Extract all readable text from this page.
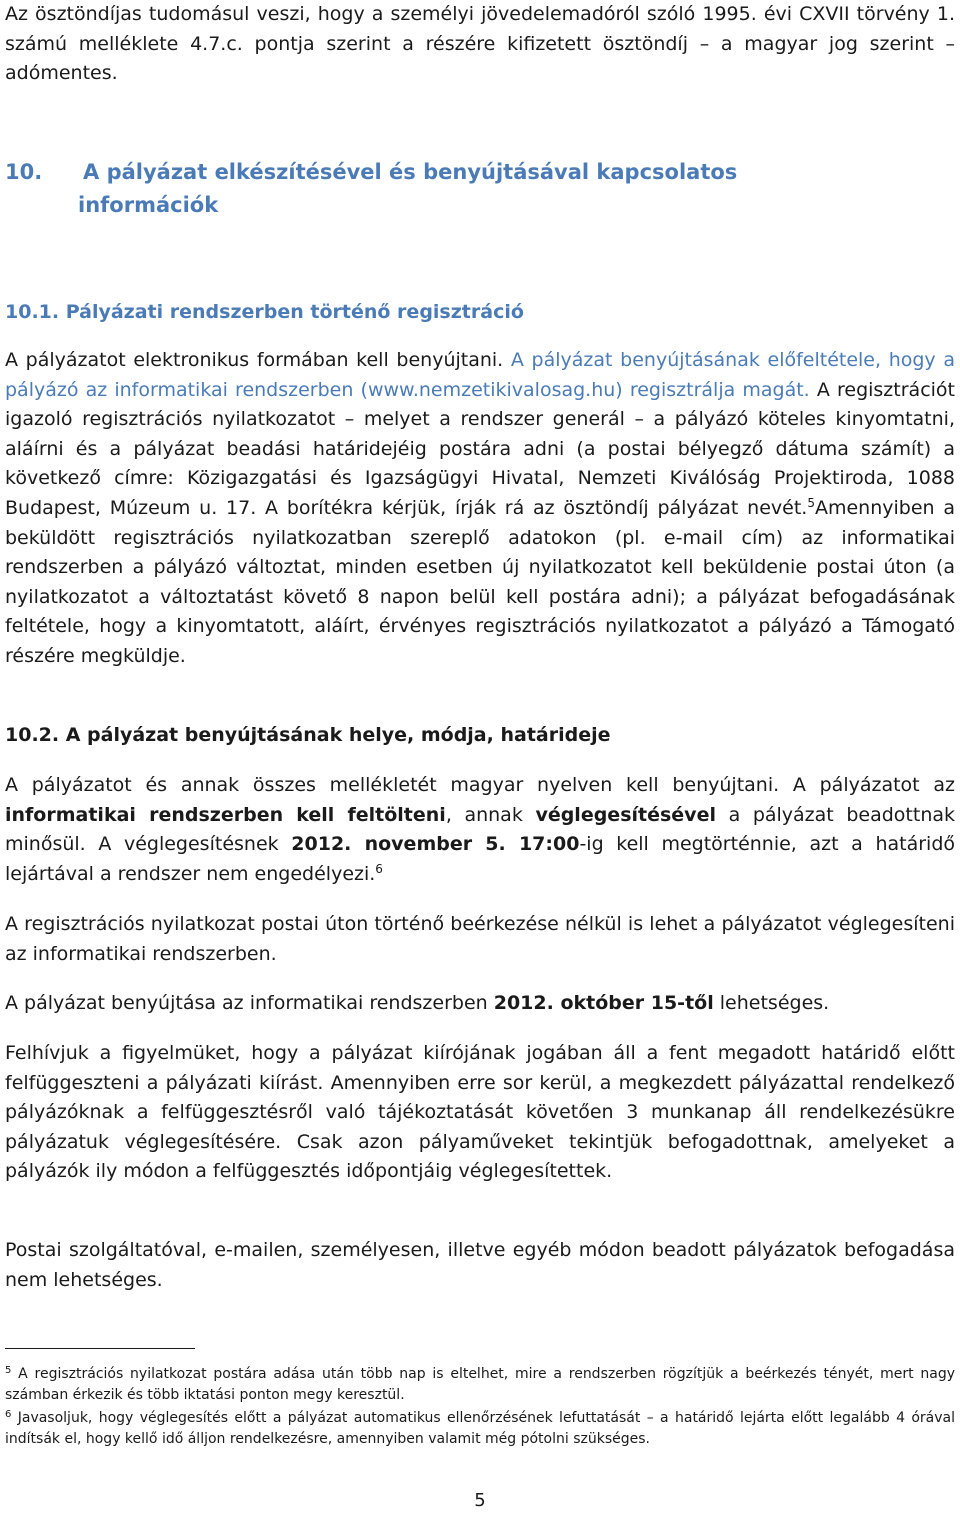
Az ösztöndíjas tudomásul veszi, hogy a személyi jövedelemadóról szóló 1995. évi CXVII törvény 1. számú melléklete 4.7.c. pontja szerint a részére kifizetett ösztöndíj – a magyar jog szerint – adómentes.

10. A pályázat elkészítésével és benyújtásával kapcsolatos
információk
10.1. Pályázati rendszerben történő regisztráció

A pályázatot elektronikus formában kell benyújtani. A pályázat benyújtásának előfeltétele, hogy a pályázó az informatikai rendszerben (www.nemzetikivalosag.hu) regisztrálja magát. A regisztrációt igazoló regisztrációs nyilatkozatot – melyet a rendszer generál – a pályázó köteles kinyomtatni, aláírni és a pályázat beadási határidejéig postára adni (a postai bélyegző dátuma számít) a következő címre: Közigazgatási és Igazságügyi Hivatal, Nemzeti Kiválóság Projektiroda, 1088 Budapest, Múzeum u. 17. A borítékra kérjük, írják rá az ösztöndíj pályázat nevét.$^5$Amennyiben a beküldött regisztrációs nyilatkozatban szereplő adatokon (pl. e-mail cím) az informatikai rendszerben a pályázó változtat, minden esetben új nyilatkozatot kell beküldenie postai úton (a nyilatkozatot a változtatást követő 8 napon belül kell postára adni); a pályázat befogadásának feltétele, hogy a kinyomtatott, aláírt, érvényes regisztrációs nyilatkozatot a pályázó a Támogató részére megküldje.

10.2. A pályázat benyújtásának helye, módja, határideje

A pályázatot és annak összes mellékletét magyar nyelven kell benyújtani. A pályázatot az informatikai rendszerben kell feltölteni, annak véglegesítésével a pályázat beadottnak minősül. A véglegesítésnek 2012. november 5. 17:00-ig kell megtörténnie, azt a határidő lejártával a rendszer nem engedélyezi.$^6$

A regisztrációs nyilatkozat postai úton történő beérkezése nélkül is lehet a pályázatot véglegesíteni az informatikai rendszerben.

A pályázat benyújtása az informatikai rendszerben 2012. október 15-től lehetséges.

Felhívjuk a figyelmüket, hogy a pályázat kiírójának jogában áll a fent megadott határidő előtt felfüggeszteni a pályázati kiírást. Amennyiben erre sor kerül, a megkezdett pályázattal rendelkező pályázóknak a felfüggesztésről való tájékoztatását követően 3 munkanap áll rendelkezésükre pályázatuk véglegesítésére. Csak azon pályaműveket tekintjük befogadottnak, amelyeket a pályázók ily módon a felfüggesztés időpontjáig véglegesítettek.

Postai szolgáltatóval, e-mailen, személyesen, illetve egyéb módon beadott pályázatok befogadása nem lehetséges.

$^5$ A regisztrációs nyilatkozat postára adása után több nap is eltelhet, mire a rendszerben rögzítjük a beérkezés tényét, mert nagy számban érkezik és több iktatási ponton megy keresztül.

$^6$ Javasoljuk, hogy véglegesítés előtt a pályázat automatikus ellenőrzésének lefuttatását – a határidő lejárta előtt legalább 4 órával indítsák el, hogy kellő idő álljon rendelkezésre, amennyiben valamit még pótolni szükséges.

5
